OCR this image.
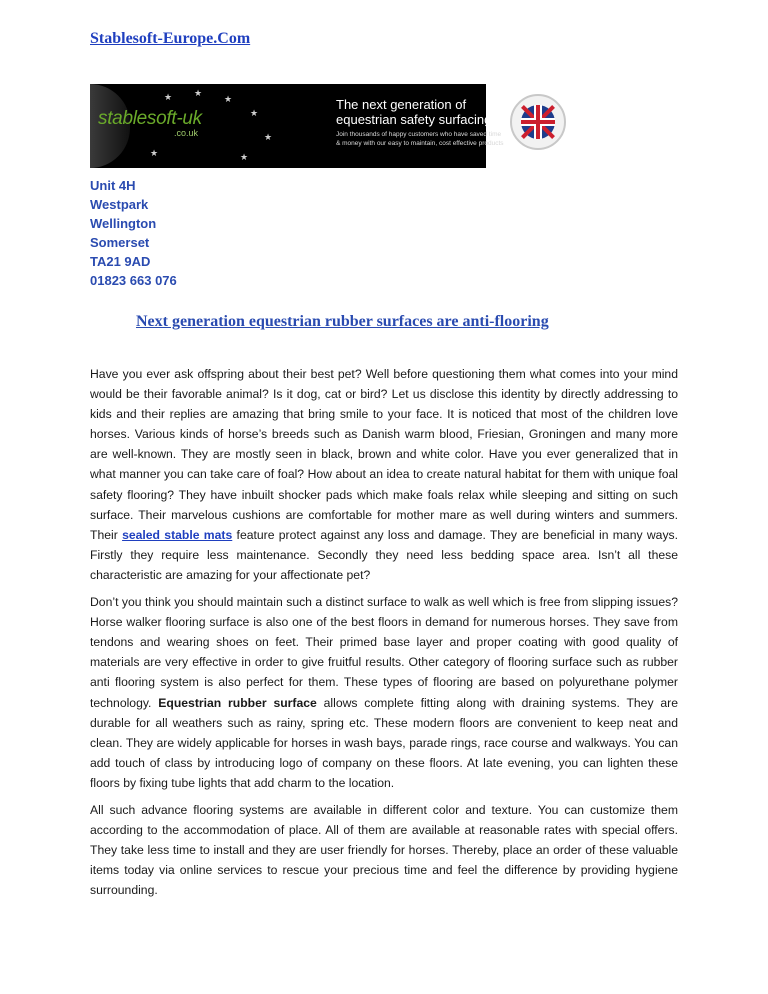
Stablesoft-Europe.Com
★ ★
★
★
★
★
★
stablesoft-uk
.co.uk
The next generation of equestrian safety surfacing
Join thousands of happy customers who have saved time & money with our easy to maintain, cost effective products
Unit 4H
Westpark
Wellington
Somerset
TA21 9AD
01823 663 076
Next generation equestrian rubber surfaces are anti-flooring

Have you ever ask offspring about their best pet? Well before questioning them what comes into your mind would be their favorable animal? Is it dog, cat or bird? Let us disclose this identity by directly addressing to kids and their replies are amazing that bring smile to your face. It is noticed that most of the children love horses. Various kinds of horse’s breeds such as Danish warm blood, Friesian, Groningen and many more are well-known. They are mostly seen in black, brown and white color. Have you ever generalized that in what manner you can take care of foal? How about an idea to create natural habitat for them with unique foal safety flooring? They have inbuilt shocker pads which make foals relax while sleeping and sitting on such surface. Their marvelous cushions are comfortable for mother mare as well during winters and summers. Their sealed stable mats feature protect against any loss and damage. They are beneficial in many ways. Firstly they require less maintenance. Secondly they need less bedding space area. Isn’t all these characteristic are amazing for your affectionate pet?

Don’t you think you should maintain such a distinct surface to walk as well which is free from slipping issues? Horse walker flooring surface is also one of the best floors in demand for numerous horses. They save from tendons and wearing shoes on feet. Their primed base layer and proper coating with good quality of materials are very effective in order to give fruitful results. Other category of flooring surface such as rubber anti flooring system is also perfect for them. These types of flooring are based on polyurethane polymer technology. Equestrian rubber surface allows complete fitting along with draining systems. They are durable for all weathers such as rainy, spring etc. These modern floors are convenient to keep neat and clean. They are widely applicable for horses in wash bays, parade rings, race course and walkways. You can add touch of class by introducing logo of company on these floors. At late evening, you can lighten these floors by fixing tube lights that add charm to the location.

All such advance flooring systems are available in different color and texture. You can customize them according to the accommodation of place. All of them are available at reasonable rates with special offers. They take less time to install and they are user friendly for horses. Thereby, place an order of these valuable items today via online services to rescue your precious time and feel the difference by providing hygiene surrounding.
